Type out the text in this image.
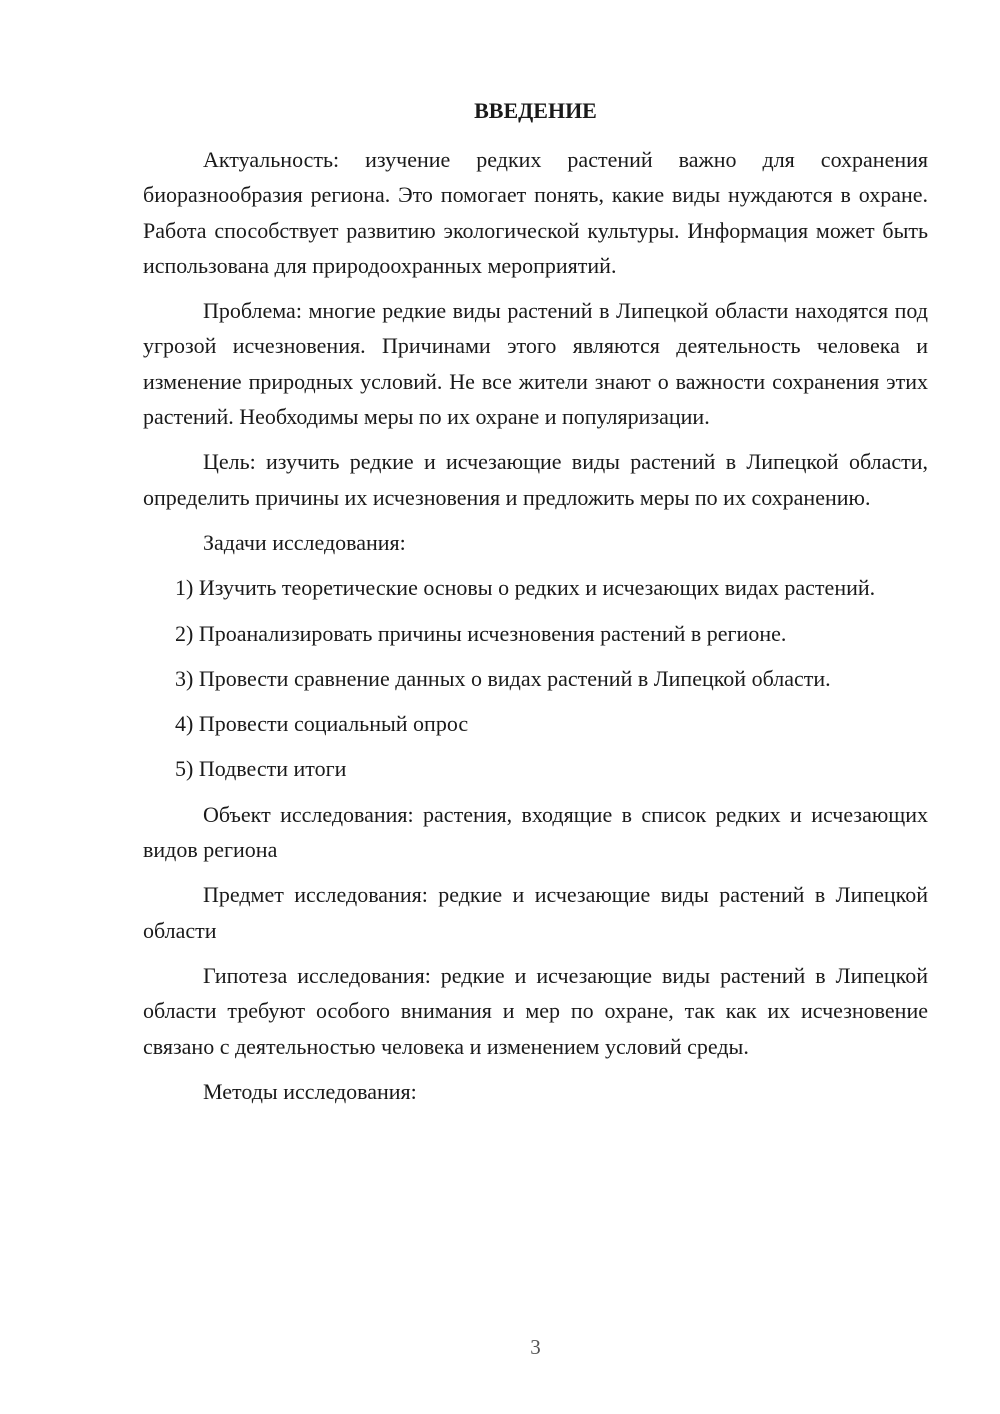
ВВЕДЕНИЕ

Актуальность: изучение редких растений важно для сохранения биоразнообразия региона. Это помогает понять, какие виды нуждаются в охране. Работа способствует развитию экологической культуры. Информация может быть использована для природоохранных мероприятий.

Проблема: многие редкие виды растений в Липецкой области находятся под угрозой исчезновения. Причинами этого являются деятельность человека и изменение природных условий. Не все жители знают о важности сохранения этих растений. Необходимы меры по их охране и популяризации.

Цель: изучить редкие и исчезающие виды растений в Липецкой области, определить причины их исчезновения и предложить меры по их сохранению.

Задачи исследования:

1) Изучить теоретические основы о редких и исчезающих видах растений.

2) Проанализировать причины исчезновения растений в регионе.

3) Провести сравнение данных о видах растений в Липецкой области.

4) Провести социальный опрос

5) Подвести итоги

Объект исследования: растения, входящие в список редких и исчезающих видов региона

Предмет исследования: редкие и исчезающие виды растений в Липецкой области

Гипотеза исследования: редкие и исчезающие виды растений в Липецкой области требуют особого внимания и мер по охране, так как их исчезновение связано с деятельностью человека и изменением условий среды.

Методы исследования:

3
